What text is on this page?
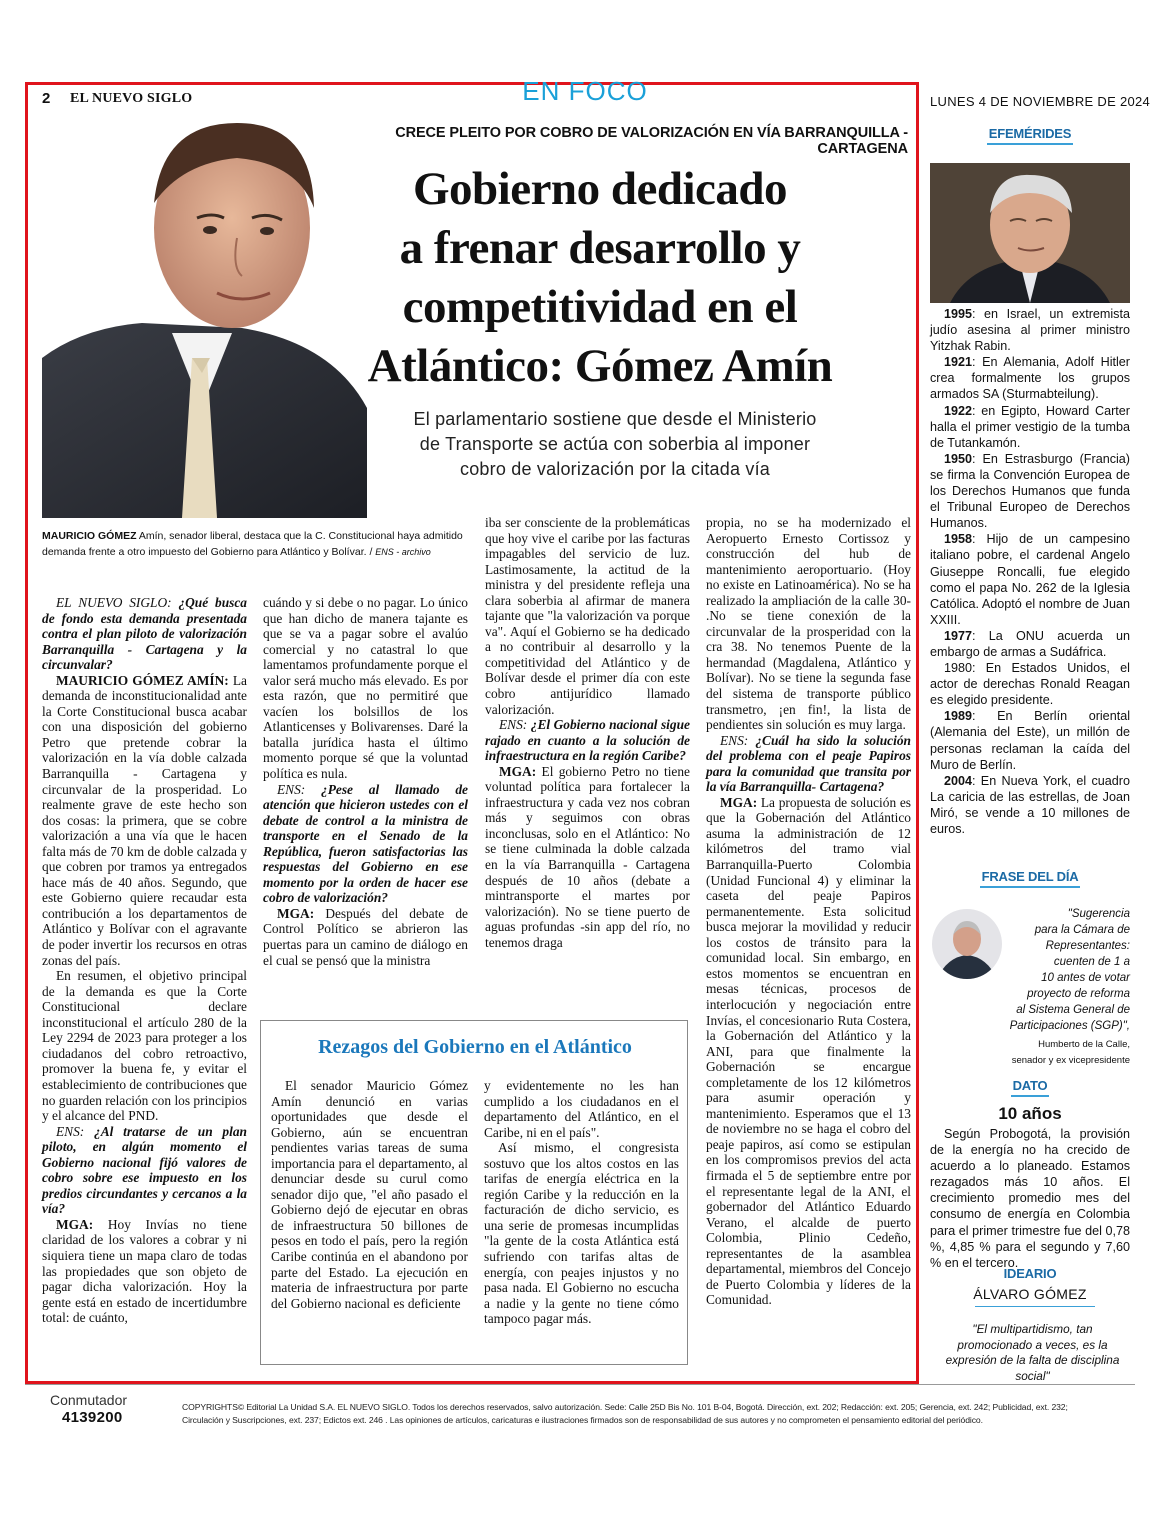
2 EL NUEVO SIGLO	EN FOCO	LUNES 4 DE NOVIEMBRE DE 2024
CRECE PLEITO POR COBRO DE VALORIZACIÓN EN VÍA BARRANQUILLA - CARTAGENA
Gobierno dedicado
a frenar desarrollo y
competitividad en el
Atlántico: Gómez Amín
El parlamentario sostiene que desde el Ministerio
de Transporte se actúa con soberbia al imponer
cobro de valorización por la citada vía
MAURICIO GÓMEZ Amín, senador liberal, destaca que la C. Constitucional haya admitido demanda frente a otro impuesto del Gobierno para Atlántico y Bolívar. / ENS - archivo

EL NUEVO SIGLO: ¿Qué busca de fondo esta demanda presentada contra el plan piloto de valorización Barranquilla - Cartagena y la circunvalar?

MAURICIO GÓMEZ AMÍN: La demanda de inconstitucionalidad ante la Corte Constitucional busca acabar con una disposición del gobierno Petro que pretende cobrar la valorización en la vía doble calzada Barranquilla - Cartagena y circunvalar de la prosperidad. Lo realmente grave de este hecho son dos cosas: la primera, que se cobre valorización a una vía que le hacen falta más de 70 km de doble calzada y que cobren por tramos ya entregados hace más de 40 años. Segundo, que este Gobierno quiere recaudar esta contribución a los departamentos de Atlántico y Bolívar con el agravante de poder invertir los recursos en otras zonas del país.

En resumen, el objetivo principal de la demanda es que la Corte Constitucional declare inconstitucional el artículo 280 de la Ley 2294 de 2023 para proteger a los ciudadanos del cobro retroactivo, promover la buena fe, y evitar el establecimiento de contribuciones que no guarden relación con los principios y el alcance del PND.

ENS: ¿Al tratarse de un plan piloto, en algún momento el Gobierno nacional fijó valores de cobro sobre ese impuesto en los predios circundantes y cercanos a la vía?

MGA: Hoy Invías no tiene claridad de los valores a cobrar y ni siquiera tiene un mapa claro de todas las propiedades que son objeto de pagar dicha valorización. Hoy la gente está en estado de incertidumbre total: de cuánto,

cuándo y si debe o no pagar. Lo único que han dicho de manera tajante es que se va a pagar sobre el avalúo comercial y no catastral lo que lamentamos profundamente porque el valor será mucho más elevado. Es por esta razón, que no permitiré que vacíen los bolsillos de los Atlanticenses y Bolivarenses. Daré la batalla jurídica hasta el último momento porque sé que la voluntad política es nula.

ENS: ¿Pese al llamado de atención que hicieron ustedes con el debate de control a la ministra de transporte en el Senado de la República, fueron satisfactorias las respuestas del Gobierno en ese momento por la orden de hacer ese cobro de valorización?

MGA: Después del debate de Control Político se abrieron las puertas para un camino de diálogo en el cual se pensó que la ministra

iba ser consciente de la problemáticas que hoy vive el caribe por las facturas impagables del servicio de luz. Lastimosamente, la actitud de la ministra y del presidente refleja una clara soberbia al afirmar de manera tajante que "la valorización va porque va". Aquí el Gobierno se ha dedicado a no contribuir al desarrollo y la competitividad del Atlántico y de Bolívar desde el primer día con este cobro antijurídico llamado valorización.

ENS: ¿El Gobierno nacional sigue rajado en cuanto a la solución de infraestructura en la región Caribe?

MGA: El gobierno Petro no tiene voluntad política para fortalecer la infraestructura y cada vez nos cobran más y seguimos con obras inconclusas, solo en el Atlántico: No se tiene culminada la doble calzada en la vía Barranquilla - Cartagena después de 10 años (debate a mintransporte el martes por valorización). No se tiene puerto de aguas profundas -sin app del río, no tenemos draga

propia, no se ha modernizado el Aeropuerto Ernesto Cortissoz y construcción del hub de mantenimiento aeroportuario. (Hoy no existe en Latinoamérica). No se ha realizado la ampliación de la calle 30- .No se tiene conexión de la circunvalar de la prosperidad con la cra 38. No tenemos Puente de la hermandad (Magdalena, Atlántico y Bolívar). No se tiene la segunda fase del sistema de transporte público transmetro, ¡en fin!, la lista de pendientes sin solución es muy larga.

ENS: ¿Cuál ha sido la solución del problema con el peaje Papiros para la comunidad que transita por la vía Barranquilla- Cartagena?

MGA: La propuesta de solución es que la Gobernación del Atlántico asuma la administración de 12 kilómetros del tramo vial Barranquilla-Puerto Colombia (Unidad Funcional 4) y eliminar la caseta del peaje Papiros permanentemente. Esta solicitud busca mejorar la movilidad y reducir los costos de tránsito para la comunidad local. Sin embargo, en estos momentos se encuentran en mesas técnicas, procesos de interlocución y negociación entre Invías, el concesionario Ruta Costera, la Gobernación del Atlántico y la ANI, para que finalmente la Gobernación se encargue completamente de los 12 kilómetros para asumir operación y mantenimiento. Esperamos que el 13 de noviembre no se haga el cobro del peaje papiros, así como se estipulan en los compromisos previos del acta firmada el 5 de septiembre entre por el representante legal de la ANI, el gobernador del Atlántico Eduardo Verano, el alcalde de puerto Colombia, Plinio Cedeño, representantes de la asamblea departamental, miembros del Concejo de Puerto Colombia y líderes de la Comunidad.

Rezagos del Gobierno en el Atlántico

El senador Mauricio Gómez Amín denunció en varias oportunidades que desde el Gobierno, aún se encuentran pendientes varias tareas de suma importancia para el departamento, al denunciar desde su curul como senador dijo que, "el año pasado el Gobierno dejó de ejecutar en obras de infraestructura 50 billones de pesos en todo el país, pero la región Caribe continúa en el abandono por parte del Estado. La ejecución en materia de infraestructura por parte del Gobierno nacional es deficiente

y evidentemente no les han cumplido a los ciudadanos en el departamento del Atlántico, en el Caribe, ni en el país".

Así mismo, el congresista sostuvo que los altos costos en las tarifas de energía eléctrica en la región Caribe y la reducción en la facturación de dicho servicio, es una serie de promesas incumplidas "la gente de la costa Atlántica está sufriendo con tarifas altas de energía, con peajes injustos y no pasa nada. El Gobierno no escucha a nadie y la gente no tiene cómo tampoco pagar más.

EFEMÉRIDES

1995: en Israel, un extremista judío asesina al primer ministro Yitzhak Rabin.

1921: En Alemania, Adolf Hitler crea formalmente los grupos armados SA (Sturmabteilung).

1922: en Egipto, Howard Carter halla el primer vestigio de la tumba de Tutankamón.

1950: En Estrasburgo (Francia) se firma la Convención Europea de los Derechos Humanos que funda el Tribunal Europeo de Derechos Humanos.

1958: Hijo de un campesino italiano pobre, el cardenal Angelo Giuseppe Roncalli, fue elegido como el papa No. 262 de la Iglesia Católica. Adoptó el nombre de Juan XXIII.

1977: La ONU acuerda un embargo de armas a Sudáfrica.

1980: En Estados Unidos, el actor de derechas Ronald Reagan es elegido presidente.

1989: En Berlín oriental (Alemania del Este), un millón de personas reclaman la caída del Muro de Berlín.

2004: En Nueva York, el cuadro La caricia de las estrellas, de Joan Miró, se vende a 10 millones de euros.

FRASE DEL DÍA
"Sugerencia
para la Cámara de
Representantes:
cuenten de 1 a
10 antes de votar
proyecto de reforma
al Sistema General de
Participaciones (SGP)",
Humberto de la Calle,
senador y ex vicepresidente
DATO
10 años

Según Probogotá, la provisión de la energía no ha crecido de acuerdo a lo planeado. Estamos rezagados más 10 años. El crecimiento promedio mes del consumo de energía en Colombia para el primer trimestre fue del 0,78 %, 4,85 % para el segundo y 7,60 % en el tercero.

IDEARIO
ÁLVARO GÓMEZ
"El multipartidismo, tan promocionado a veces, es la expresión de la falta de disciplina social"
Conmutador
4139200
COPYRIGHTS© Editorial La Unidad S.A. EL NUEVO SIGLO. Todos los derechos reservados, salvo autorización. Sede: Calle 25D Bis No. 101 B-04, Bogotá. Dirección, ext. 202; Redacción: ext. 205; Gerencia, ext. 242; Publicidad, ext. 232;
Circulación y Suscripciones, ext. 237; Edictos ext. 246 . Las opiniones de artículos, caricaturas e ilustraciones firmados son de responsabilidad de sus autores y no comprometen el pensamiento editorial del periódico.
